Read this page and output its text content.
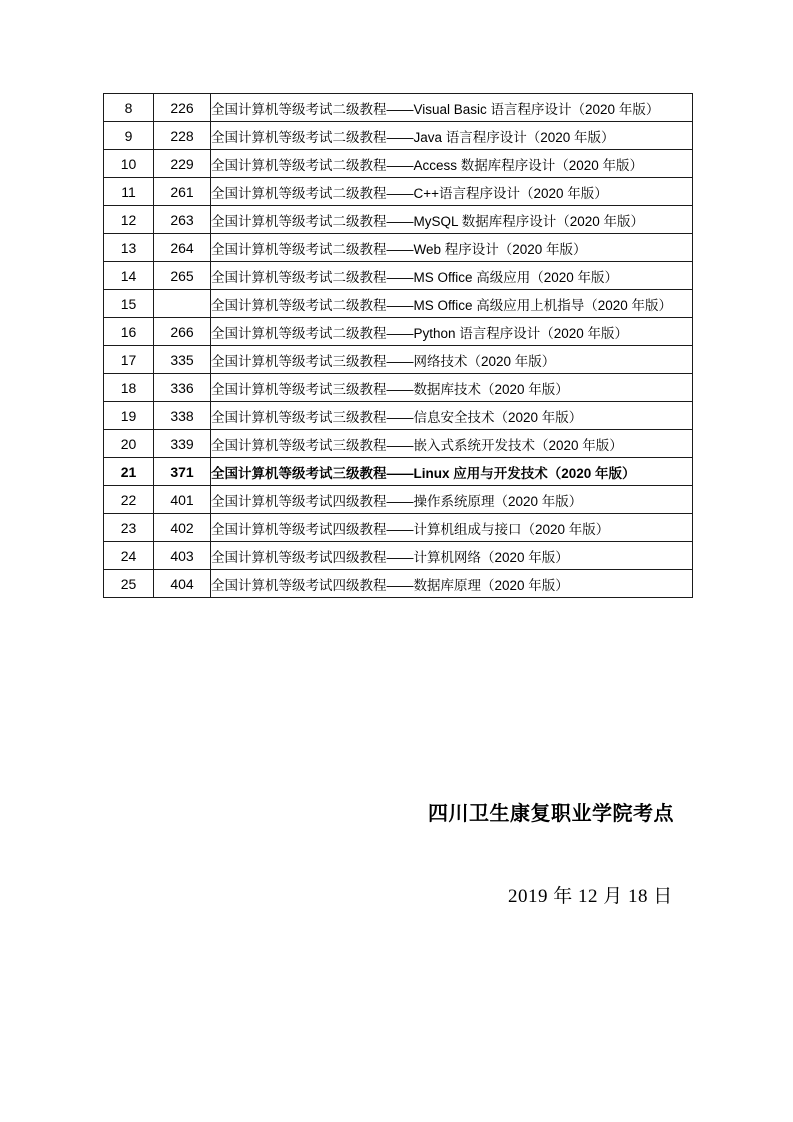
8	226	全国计算机等级考试二级教程——Visual Basic 语言程序设计（2020 年版）
9	228	全国计算机等级考试二级教程——Java 语言程序设计（2020 年版）
10	229	全国计算机等级考试二级教程——Access 数据库程序设计（2020 年版）
11	261	全国计算机等级考试二级教程——C++语言程序设计（2020 年版）
12	263	全国计算机等级考试二级教程——MySQL 数据库程序设计（2020 年版）
13	264	全国计算机等级考试二级教程——Web 程序设计（2020 年版）
14	265	全国计算机等级考试二级教程——MS Office 高级应用（2020 年版）
15		全国计算机等级考试二级教程——MS Office 高级应用上机指导（2020 年版）
16	266	全国计算机等级考试二级教程——Python 语言程序设计（2020 年版）
17	335	全国计算机等级考试三级教程——网络技术（2020 年版）
18	336	全国计算机等级考试三级教程——数据库技术（2020 年版）
19	338	全国计算机等级考试三级教程——信息安全技术（2020 年版）
20	339	全国计算机等级考试三级教程——嵌入式系统开发技术（2020 年版）
21	371	全国计算机等级考试三级教程——Linux 应用与开发技术（2020 年版）
22	401	全国计算机等级考试四级教程——操作系统原理（2020 年版）
23	402	全国计算机等级考试四级教程——计算机组成与接口（2020 年版）
24	403	全国计算机等级考试四级教程——计算机网络（2020 年版）
25	404	全国计算机等级考试四级教程——数据库原理（2020 年版）
四川卫生康复职业学院考点
2019 年 12 月 18 日
